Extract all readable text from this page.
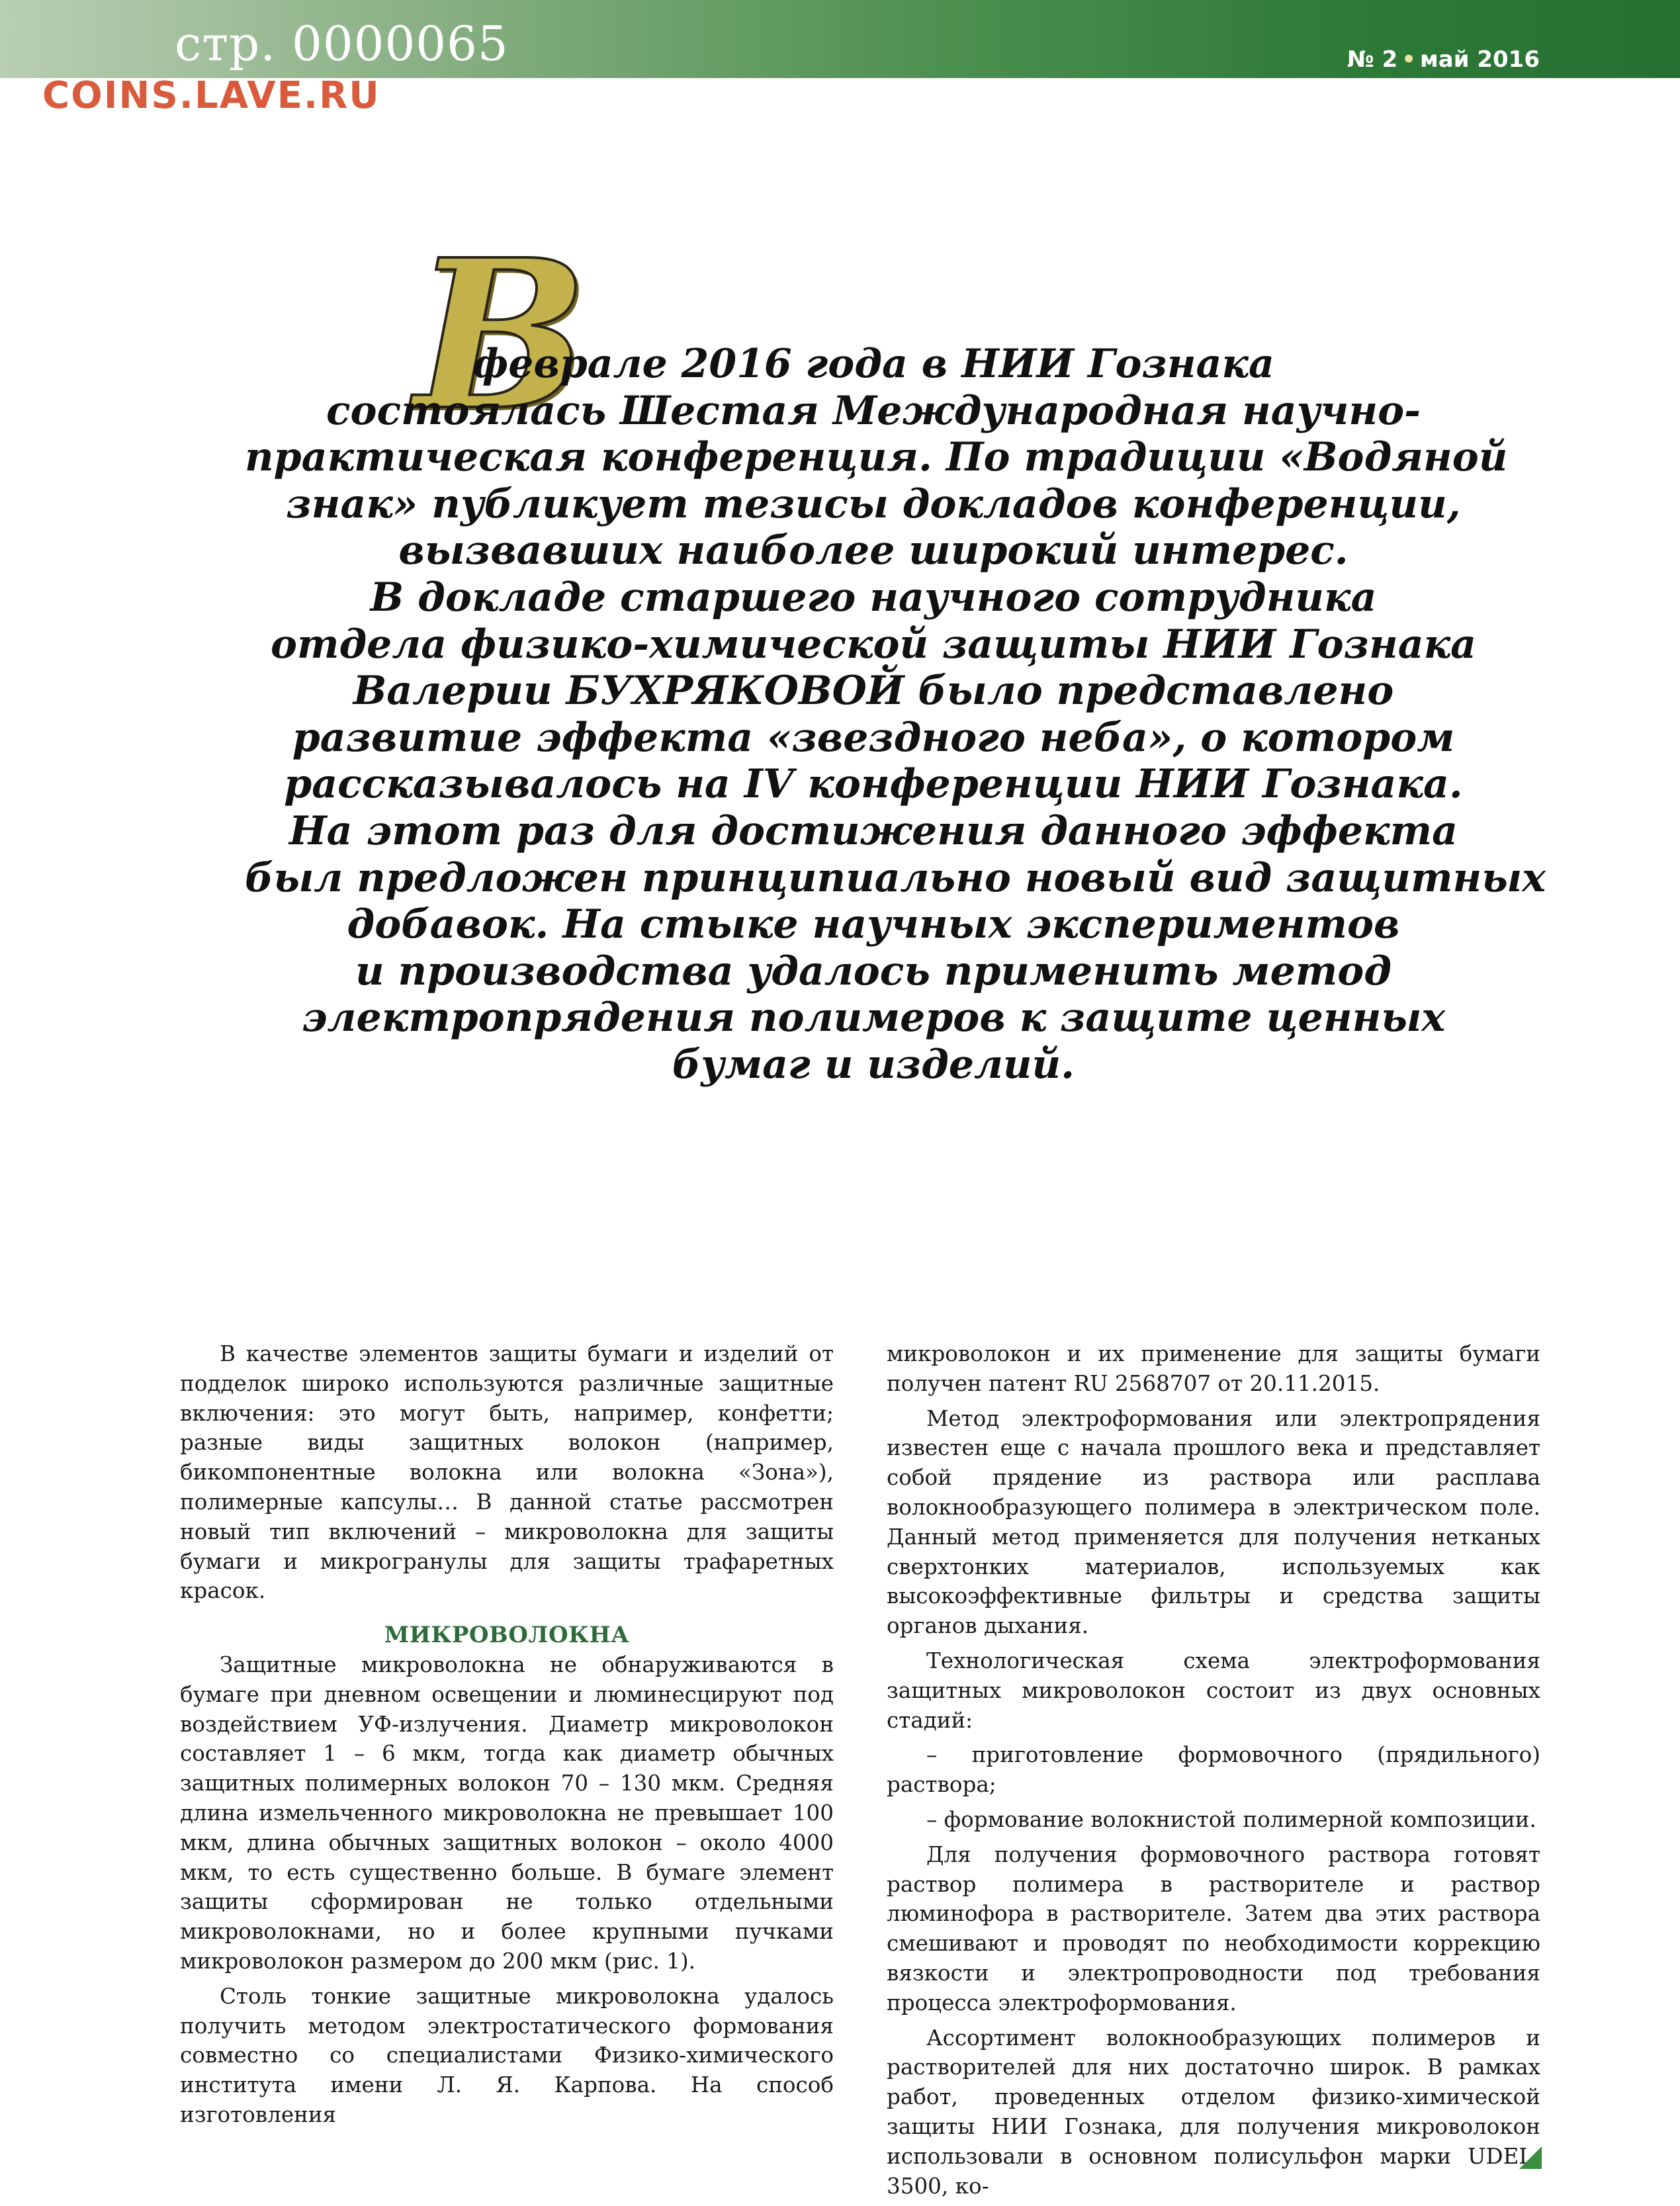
стр. 0000065
COINS.LAVE.RU
№ 2 • май 2016
В
феврале 2016 года в НИИ Гознака
состоялась Шестая Международная научно-
практическая конференция. По традиции «Водяной
знак» публикует тезисы докладов конференции,
вызвавших наиболее широкий интерес.
В докладе старшего научного сотрудника
отдела физико-химической защиты НИИ Гознака
Валерии БУХРЯКОВОЙ было представлено
развитие эффекта «звездного неба», о котором
рассказывалось на IV конференции НИИ Гознака.
На этот раз для достижения данного эффекта
был предложен принципиально новый вид защитных
добавок. На стыке научных экспериментов
и производства удалось применить метод
электропрядения полимеров к защите ценных
бумаг и изделий.

В качестве элементов защиты бумаги и изделий от подделок широко используются различные защитные включения: это могут быть, например, конфетти; разные виды защитных волокон (например, бикомпонентные волокна или волокна «Зона»), полимерные капсулы… В данной статье рассмотрен новый тип включений – микроволокна для защиты бумаги и микрогранулы для защиты трафаретных красок.

МИКРОВОЛОКНА

Защитные микроволокна не обнаруживаются в бумаге при дневном освещении и люминесцируют под воздействием УФ-излучения. Диаметр микроволокон составляет 1 – 6 мкм, тогда как диаметр обычных защитных полимерных волокон 70 – 130 мкм. Средняя длина измельченного микроволокна не превышает 100 мкм, длина обычных защитных волокон – около 4000 мкм, то есть существенно больше. В бумаге элемент защиты сформирован не только отдельными микроволокнами, но и более крупными пучками микроволокон размером до 200 мкм (рис. 1).

Столь тонкие защитные микроволокна удалось получить методом электростатического формования совместно со специалистами Физико-химического института имени Л. Я. Карпова. На способ изготовления

микроволокон и их применение для защиты бумаги получен патент RU 2568707 от 20.11.2015.

Метод электроформования или электропрядения известен еще с начала прошлого века и представляет собой прядение из раствора или расплава волокнообразующего полимера в электрическом поле. Данный метод применяется для получения нетканых сверхтонких материалов, используемых как высокоэффективные фильтры и средства защиты органов дыхания.

Технологическая схема электроформования защитных микроволокон состоит из двух основных стадий:

– приготовление формовочного (прядильного) раствора;

– формование волокнистой полимерной композиции.

Для получения формовочного раствора готовят раствор полимера в растворителе и раствор люминофора в растворителе. Затем два этих раствора смешивают и проводят по необходимости коррекцию вязкости и электропроводности под требования процесса электроформования.

Ассортимент волокнообразующих полимеров и растворителей для них достаточно широк. В рамках работ, проведенных отделом физико-химической защиты НИИ Гознака, для получения микроволокон использовали в основном полисульфон марки UDEL-3500, ко-
